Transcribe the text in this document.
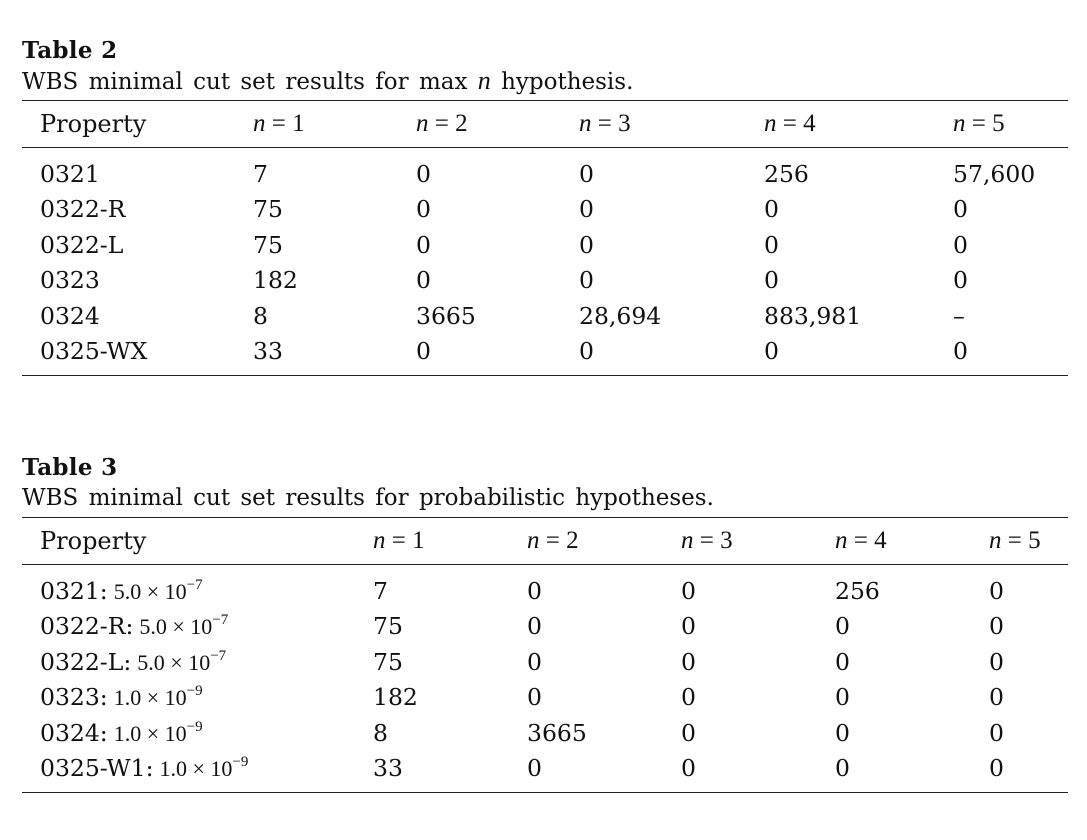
Table 2
WBS minimal cut set results for max n hypothesis.
Property	n = 1	n = 2	n = 3	n = 4	n = 5
0321	7	0	0	256	57,600
0322-R	75	0	0	0	0
0322-L	75	0	0	0	0
0323	182	0	0	0	0
0324	8	3665	28,694	883,981	–
0325-WX	33	0	0	0	0
Table 3
WBS minimal cut set results for probabilistic hypotheses.
Property	n = 1	n = 2	n = 3	n = 4	n = 5
0321: $5.0 \times 10^{-7}$	7	0	0	256	0
0322-R: $5.0 \times 10^{-7}$	75	0	0	0	0
0322-L: $5.0 \times 10^{-7}$	75	0	0	0	0
0323: $1.0 \times 10^{-9}$	182	0	0	0	0
0324: $1.0 \times 10^{-9}$	8	3665	0	0	0
0325-W1: $1.0 \times 10^{-9}$	33	0	0	0	0
